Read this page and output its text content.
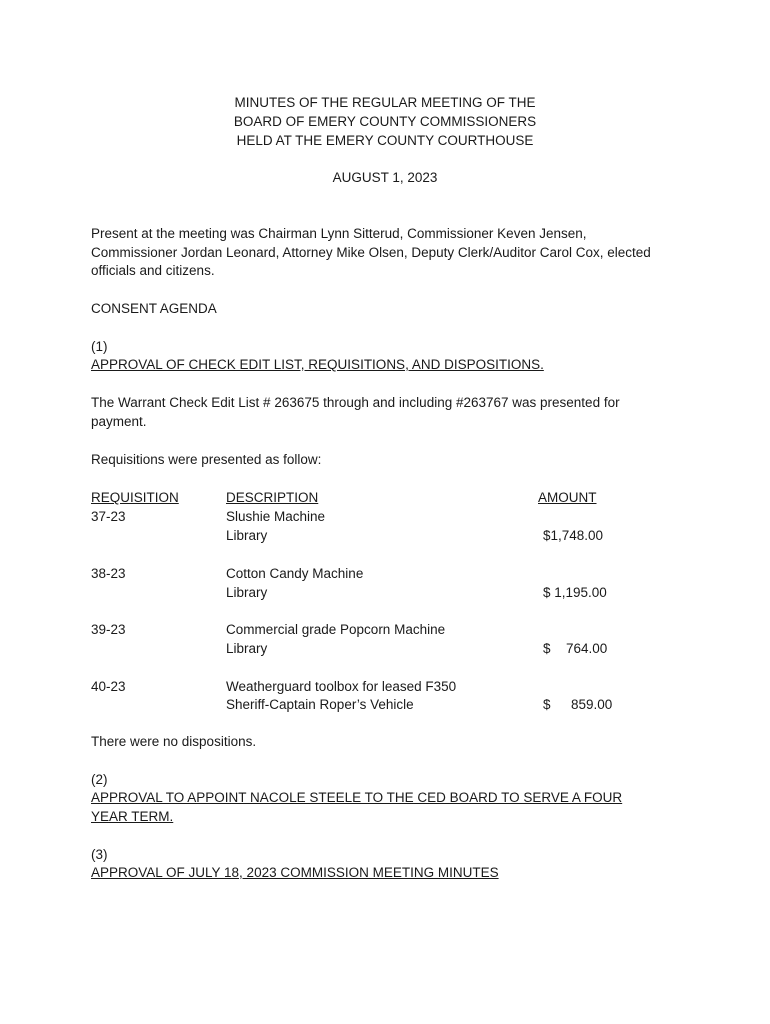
MINUTES OF THE REGULAR MEETING OF THE
BOARD OF EMERY COUNTY COMMISSIONERS
HELD AT THE EMERY COUNTY COURTHOUSE
AUGUST 1, 2023
Present at the meeting was Chairman Lynn Sitterud, Commissioner Keven Jensen,
Commissioner Jordan Leonard, Attorney Mike Olsen, Deputy Clerk/Auditor Carol Cox, elected
officials and citizens.
CONSENT AGENDA
(1)
APPROVAL OF CHECK EDIT LIST, REQUISITIONS, AND DISPOSITIONS.
The Warrant Check Edit List # 263675 through and including #263767 was presented for
payment.
Requisitions were presented as follow:
REQUISITION	DESCRIPTION	AMOUNT
37-23	Slushie Machine
Library	$1,748.00
38-23	Cotton Candy Machine
Library	$ 1,195.00
39-23	Commercial grade Popcorn Machine
Library	$ 764.00
40-23	Weatherguard toolbox for leased F350
Sheriff-Captain Roper’s Vehicle	$ 859.00
There were no dispositions.
(2)
APPROVAL TO APPOINT NACOLE STEELE TO THE CED BOARD TO SERVE A FOUR
YEAR TERM.
(3)
APPROVAL OF JULY 18, 2023 COMMISSION MEETING MINUTES
